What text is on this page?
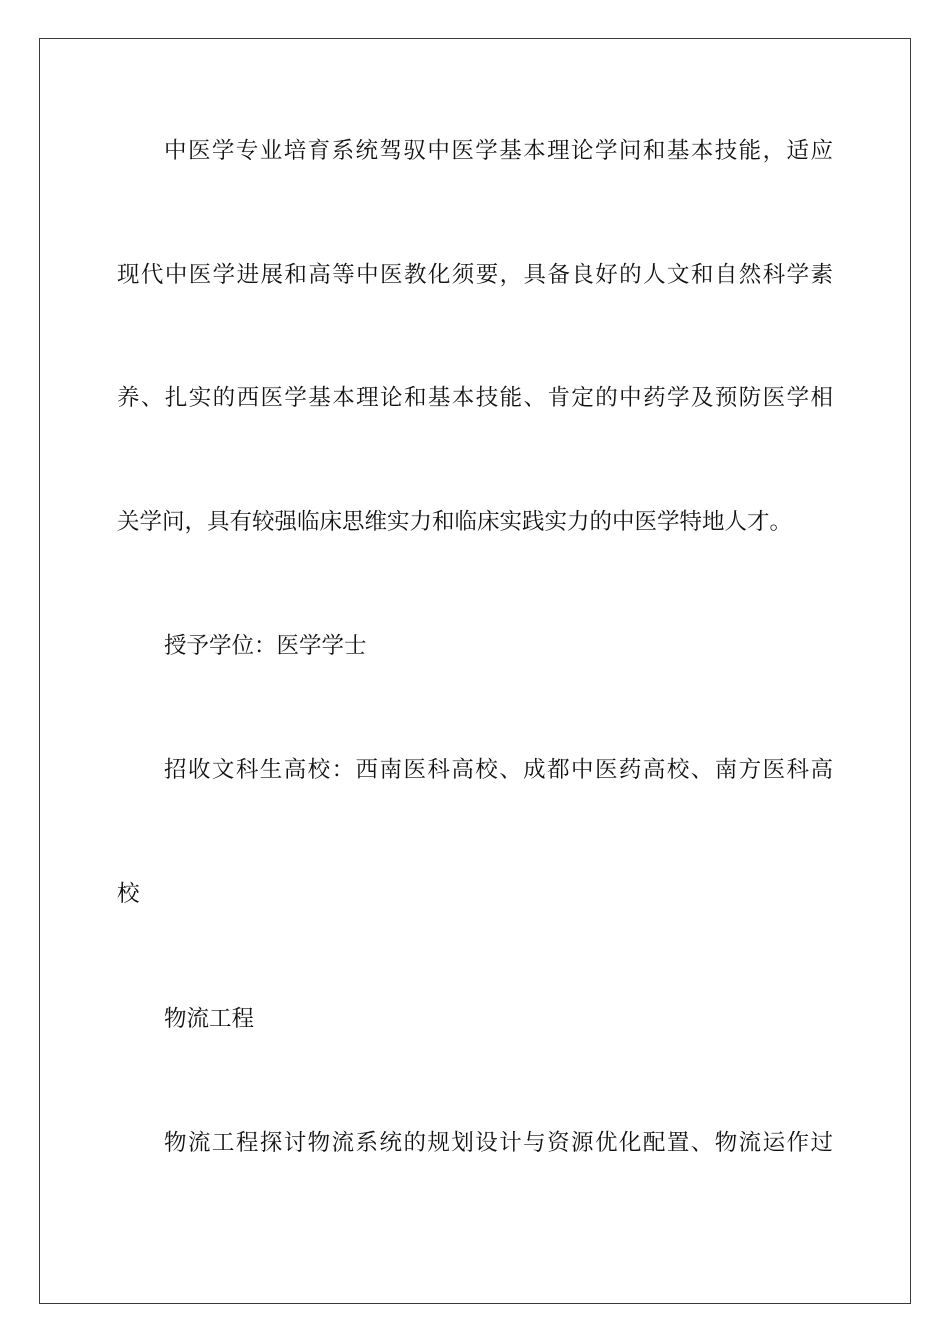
中医学专业培育系统驾驭中医学基本理论学问和基本技能，适应
现代中医学进展和高等中医教化须要，具备良好的人文和自然科学素
养、扎实的西医学基本理论和基本技能、肯定的中药学及预防医学相
关学问，具有较强临床思维实力和临床实践实力的中医学特地人才。
授予学位：医学学士
招收文科生高校：西南医科高校、成都中医药高校、南方医科高
校
物流工程
物流工程探讨物流系统的规划设计与资源优化配置、物流运作过
